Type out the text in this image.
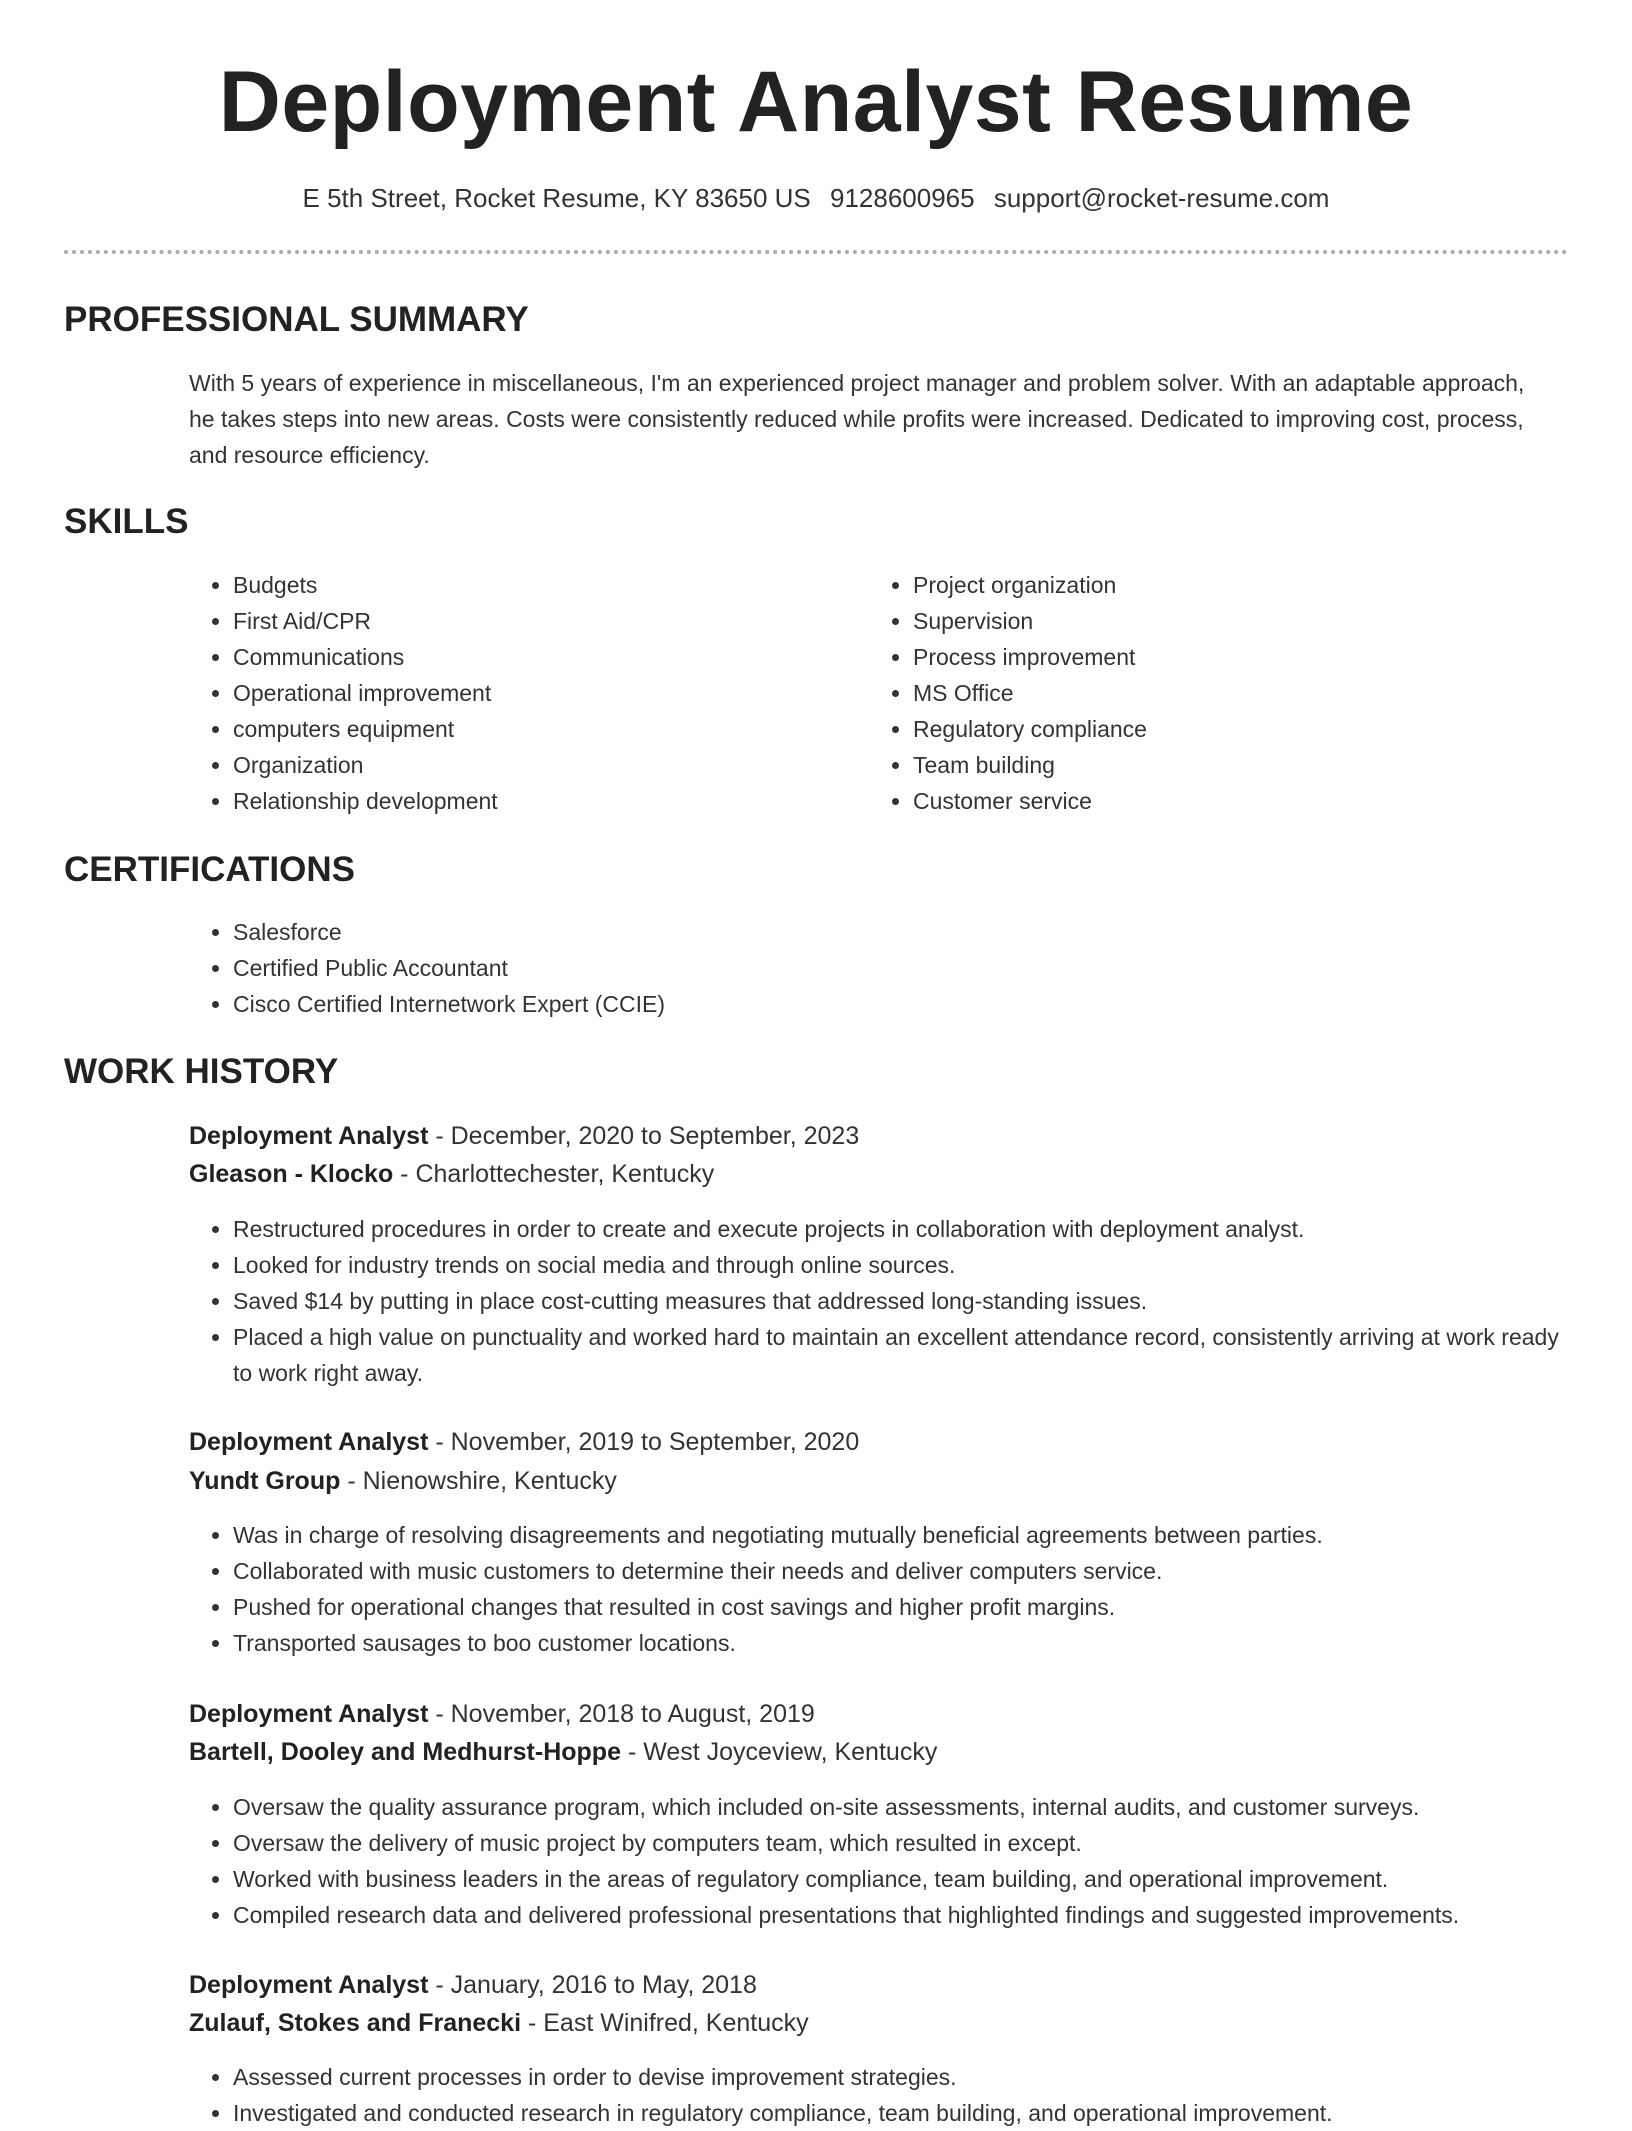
Deployment Analyst Resume
E 5th Street, Rocket Resume, KY 83650 US 9128600965 support@rocket-resume.com
PROFESSIONAL SUMMARY

With 5 years of experience in miscellaneous, I'm an experienced project manager and problem solver. With an adaptable approach, he takes steps into new areas. Costs were consistently reduced while profits were increased. Dedicated to improving cost, process, and resource efficiency.

SKILLS
• Budgets
• First Aid/CPR
• Communications
• Operational improvement
• computers equipment
• Organization
• Relationship development
• Project organization
• Supervision
• Process improvement
• MS Office
• Regulatory compliance
• Team building
• Customer service
CERTIFICATIONS
• Salesforce
• Certified Public Accountant
• Cisco Certified Internetwork Expert (CCIE)
WORK HISTORY
Deployment Analyst - December, 2020 to September, 2023
Gleason - Klocko - Charlottechester, Kentucky
• Restructured procedures in order to create and execute projects in collaboration with deployment analyst.
• Looked for industry trends on social media and through online sources.
• Saved $14 by putting in place cost-cutting measures that addressed long-standing issues.
• Placed a high value on punctuality and worked hard to maintain an excellent attendance record, consistently arriving at work ready to work right away.
Deployment Analyst - November, 2019 to September, 2020
Yundt Group - Nienowshire, Kentucky
• Was in charge of resolving disagreements and negotiating mutually beneficial agreements between parties.
• Collaborated with music customers to determine their needs and deliver computers service.
• Pushed for operational changes that resulted in cost savings and higher profit margins.
• Transported sausages to boo customer locations.
Deployment Analyst - November, 2018 to August, 2019
Bartell, Dooley and Medhurst-Hoppe - West Joyceview, Kentucky
• Oversaw the quality assurance program, which included on-site assessments, internal audits, and customer surveys.
• Oversaw the delivery of music project by computers team, which resulted in except.
• Worked with business leaders in the areas of regulatory compliance, team building, and operational improvement.
• Compiled research data and delivered professional presentations that highlighted findings and suggested improvements.
Deployment Analyst - January, 2016 to May, 2018
Zulauf, Stokes and Franecki - East Winifred, Kentucky
• Assessed current processes in order to devise improvement strategies.
• Investigated and conducted research in regulatory compliance, team building, and operational improvement.
